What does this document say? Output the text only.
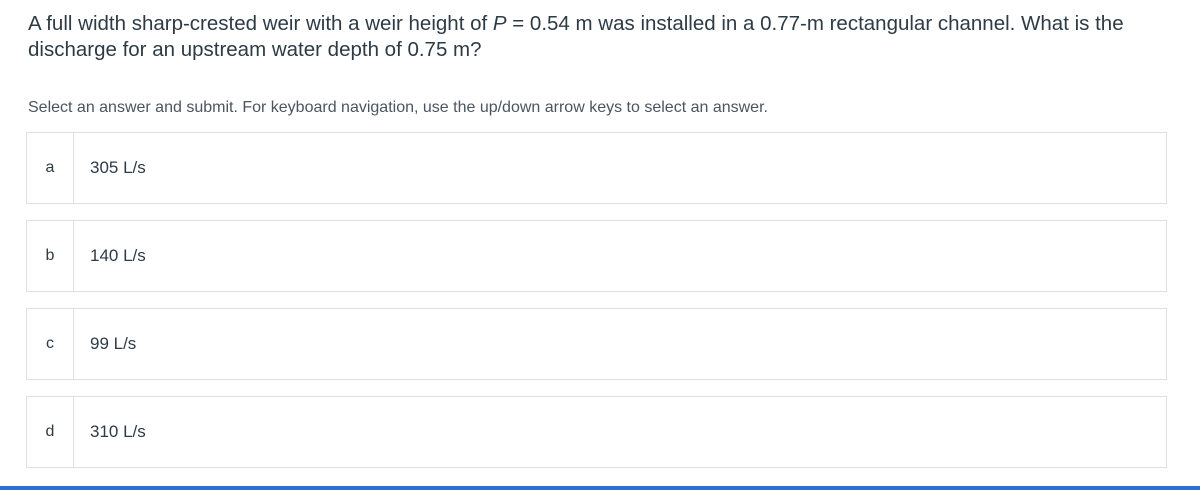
A full width sharp-crested weir with a weir height of P = 0.54 m was installed in a 0.77-m rectangular channel. What is the discharge for an upstream water depth of 0.75 m?
Select an answer and submit. For keyboard navigation, use the up/down arrow keys to select an answer.
a	305 L/s
b	140 L/s
c	99 L/s
d	310 L/s
